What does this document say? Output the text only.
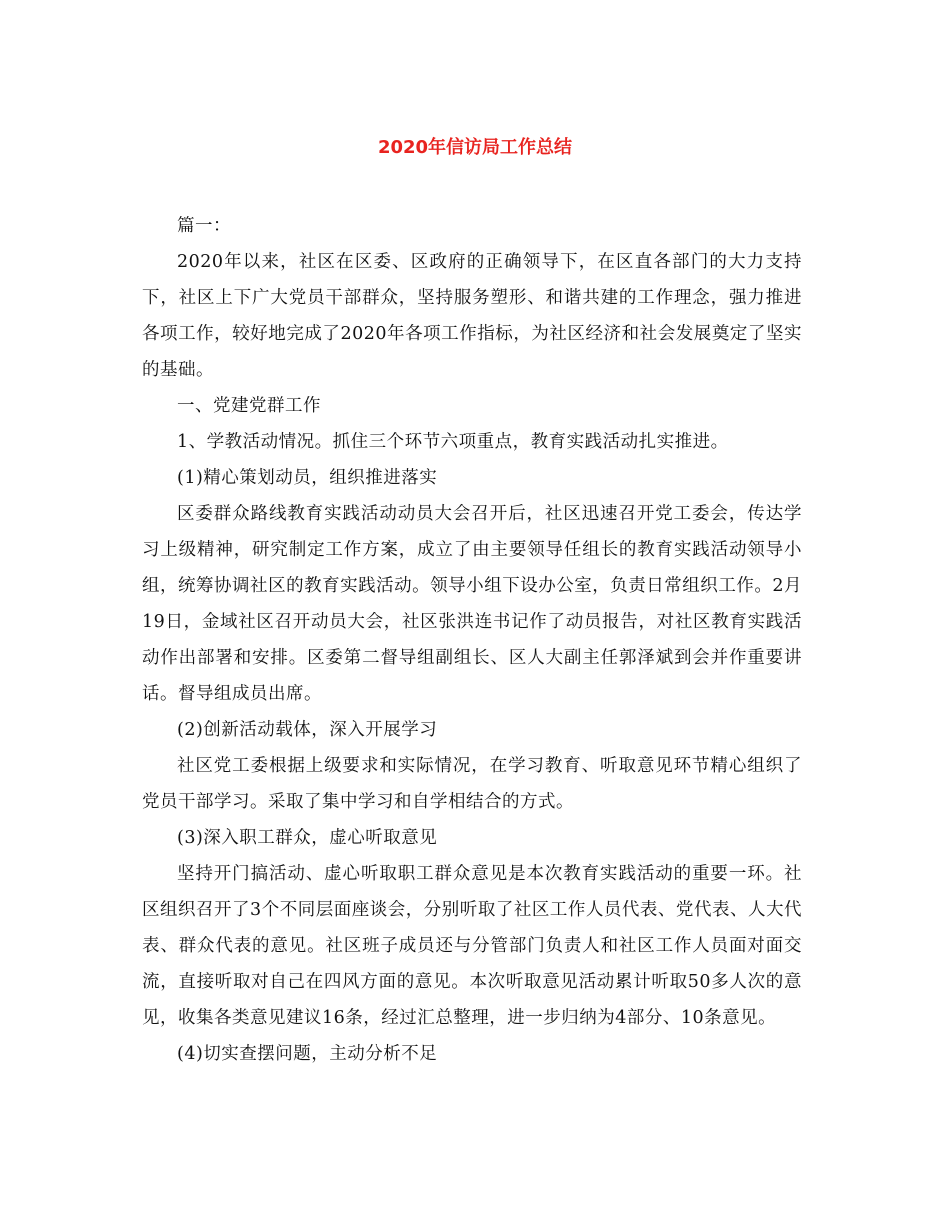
2020年信访局工作总结

篇一：

2020年以来，社区在区委、区政府的正确领导下，在区直各部门的大力支持下，社区上下广大党员干部群众，坚持服务塑形、和谐共建的工作理念，强力推进各项工作，较好地完成了2020年各项工作指标，为社区经济和社会发展奠定了坚实的基础。

一、党建党群工作

1、学教活动情况。抓住三个环节六项重点，教育实践活动扎实推进。

(1)精心策划动员，组织推进落实

区委群众路线教育实践活动动员大会召开后，社区迅速召开党工委会，传达学习上级精神，研究制定工作方案，成立了由主要领导任组长的教育实践活动领导小组，统筹协调社区的教育实践活动。领导小组下设办公室，负责日常组织工作。2月19日，金域社区召开动员大会，社区张洪连书记作了动员报告，对社区教育实践活动作出部署和安排。区委第二督导组副组长、区人大副主任郭泽斌到会并作重要讲话。督导组成员出席。

(2)创新活动载体，深入开展学习

社区党工委根据上级要求和实际情况，在学习教育、听取意见环节精心组织了党员干部学习。采取了集中学习和自学相结合的方式。

(3)深入职工群众，虚心听取意见

坚持开门搞活动、虚心听取职工群众意见是本次教育实践活动的重要一环。社区组织召开了3个不同层面座谈会，分别听取了社区工作人员代表、党代表、人大代表、群众代表的意见。社区班子成员还与分管部门负责人和社区工作人员面对面交流，直接听取对自己在四风方面的意见。本次听取意见活动累计听取50多人次的意见，收集各类意见建议16条，经过汇总整理，进一步归纳为4部分、10条意见。

(4)切实查摆问题，主动分析不足
